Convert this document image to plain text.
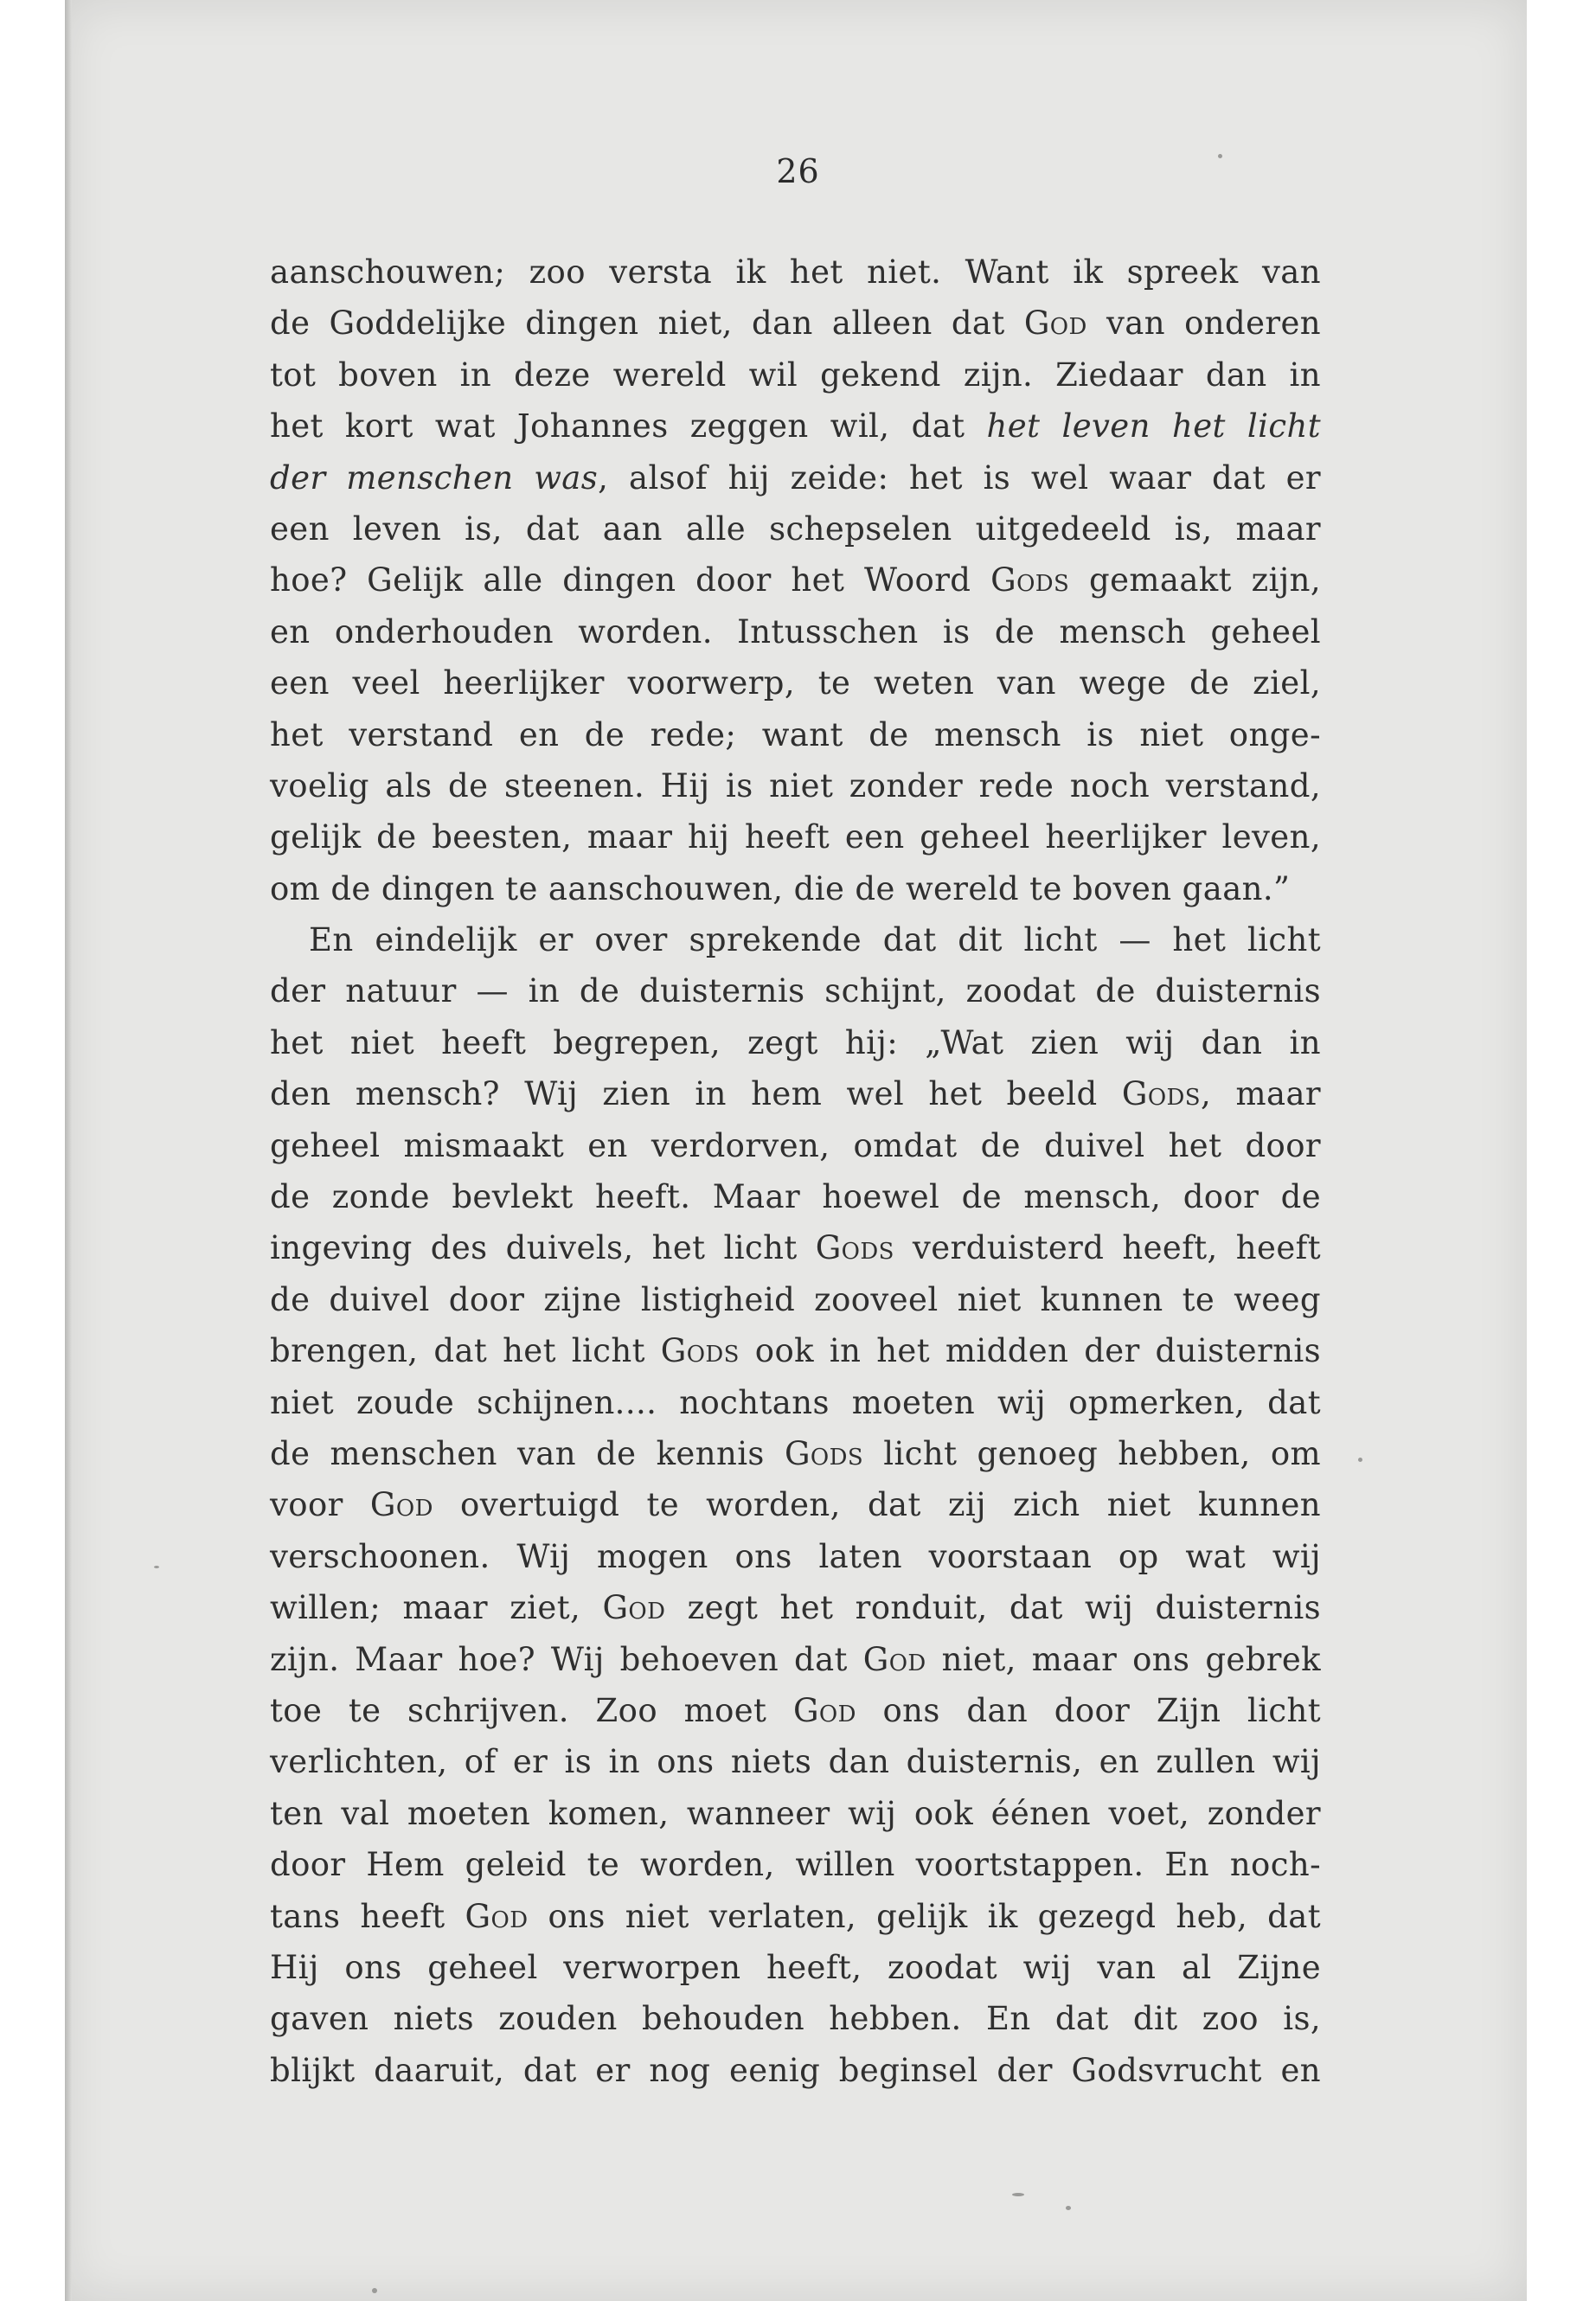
26
aanschouwen; zoo versta ik het niet. Want ik spreek van
de Goddelijke dingen niet, dan alleen dat God van onderen
tot boven in deze wereld wil gekend zijn. Ziedaar dan in
het kort wat Johannes zeggen wil, dat het leven het licht
der menschen was, alsof hij zeide: het is wel waar dat er
een leven is, dat aan alle schepselen uitgedeeld is, maar
hoe? Gelijk alle dingen door het Woord Gods gemaakt zijn,
en onderhouden worden. Intusschen is de mensch geheel
een veel heerlijker voorwerp, te weten van wege de ziel,
het verstand en de rede; want de mensch is niet onge-
voelig als de steenen. Hij is niet zonder rede noch verstand,
gelijk de beesten, maar hij heeft een geheel heerlijker leven,
om de dingen te aanschouwen, die de wereld te boven gaan.”
En eindelijk er over sprekende dat dit licht — het licht
der natuur — in de duisternis schijnt, zoodat de duisternis
het niet heeft begrepen, zegt hij: „Wat zien wij dan in
den mensch? Wij zien in hem wel het beeld Gods, maar
geheel mismaakt en verdorven, omdat de duivel het door
de zonde bevlekt heeft. Maar hoewel de mensch, door de
ingeving des duivels, het licht Gods verduisterd heeft, heeft
de duivel door zijne listigheid zooveel niet kunnen te weeg
brengen, dat het licht Gods ook in het midden der duisternis
niet zoude schijnen.... nochtans moeten wij opmerken, dat
de menschen van de kennis Gods licht genoeg hebben, om
voor God overtuigd te worden, dat zij zich niet kunnen
verschoonen. Wij mogen ons laten voorstaan op wat wij
willen; maar ziet, God zegt het ronduit, dat wij duisternis
zijn. Maar hoe? Wij behoeven dat God niet, maar ons gebrek
toe te schrijven. Zoo moet God ons dan door Zijn licht
verlichten, of er is in ons niets dan duisternis, en zullen wij
ten val moeten komen, wanneer wij ook éénen voet, zonder
door Hem geleid te worden, willen voortstappen. En noch-
tans heeft God ons niet verlaten, gelijk ik gezegd heb, dat
Hij ons geheel verworpen heeft, zoodat wij van al Zijne
gaven niets zouden behouden hebben. En dat dit zoo is,
blijkt daaruit, dat er nog eenig beginsel der Godsvrucht en
